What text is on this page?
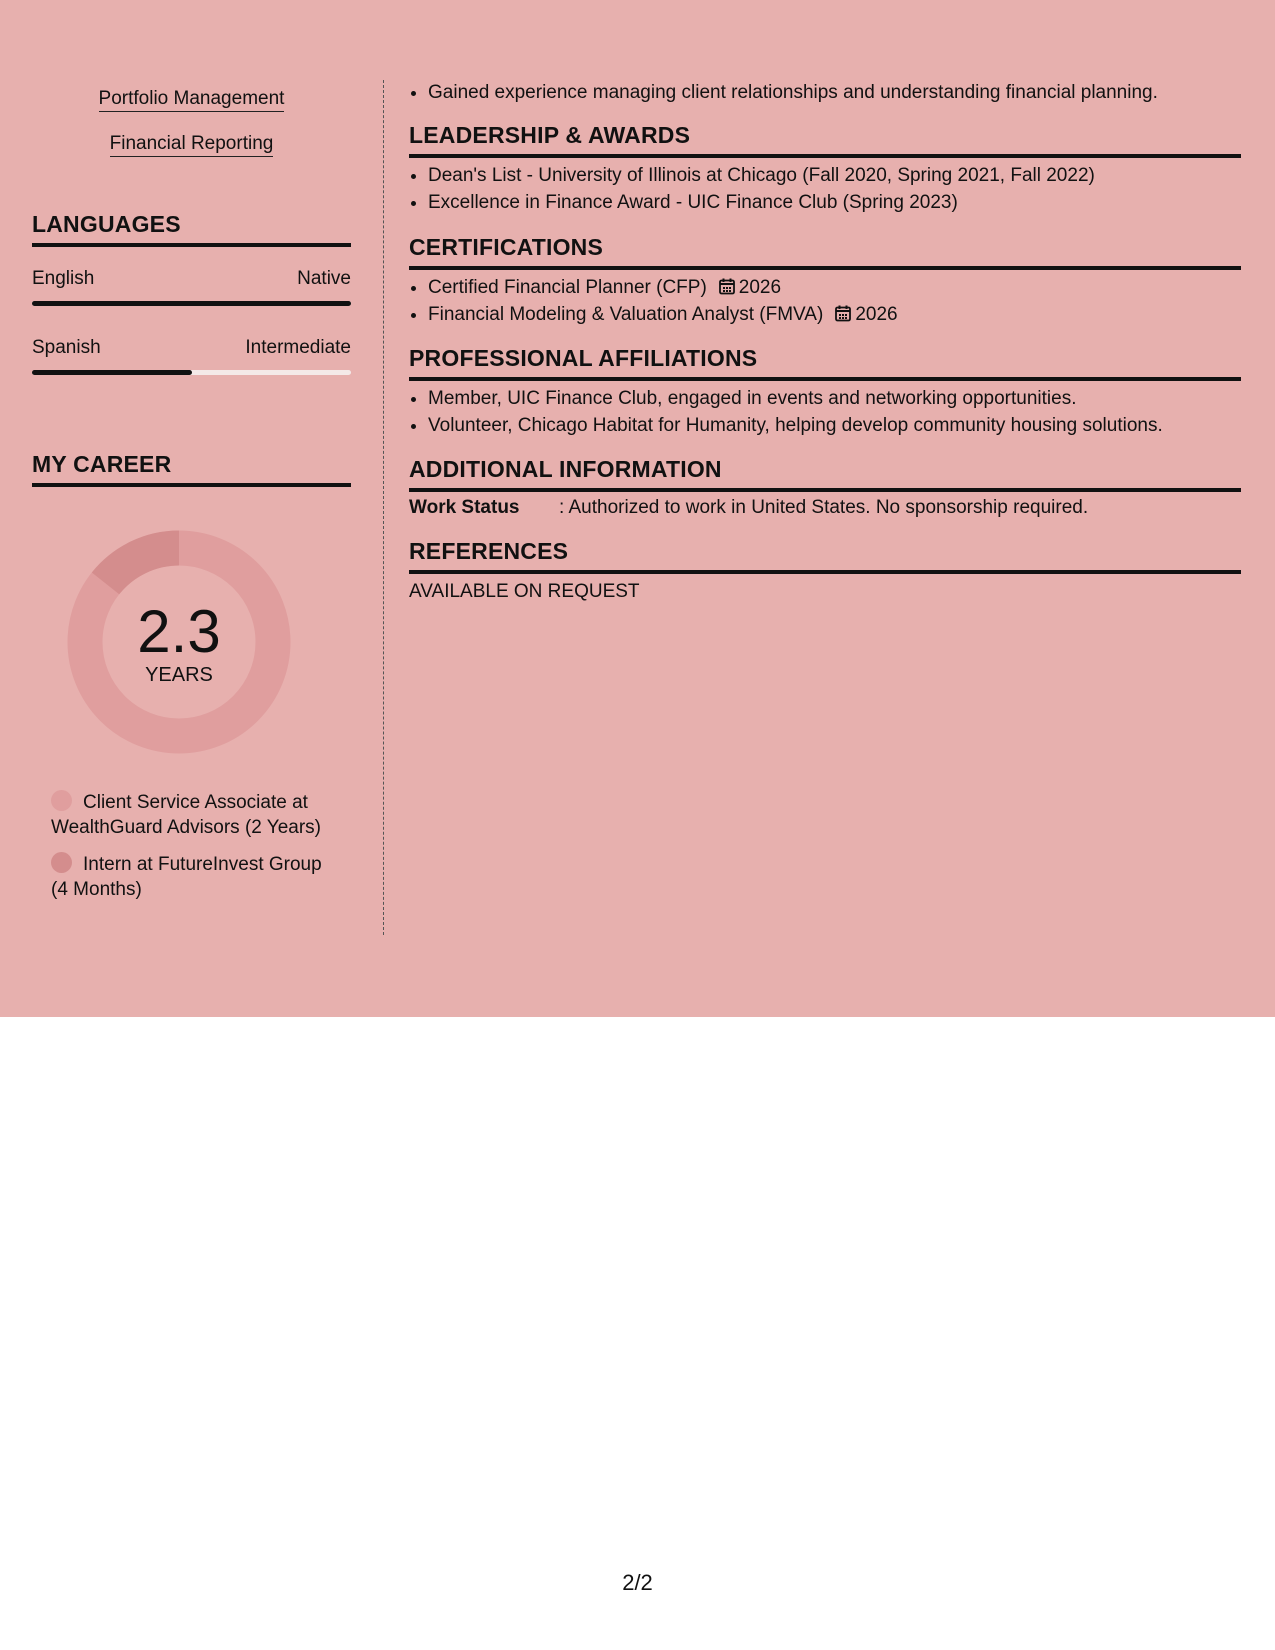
Portfolio Management
Financial Reporting
LANGUAGES
English	Native
Spanish	Intermediate
MY CAREER
2.3
YEARS
Client Service Associate at WealthGuard Advisors (2 Years)
Intern at FutureInvest Group (4 Months)
• Gained experience managing client relationships and understanding financial planning.
LEADERSHIP & AWARDS
• Dean's List - University of Illinois at Chicago (Fall 2020, Spring 2021, Fall 2022)
• Excellence in Finance Award - UIC Finance Club (Spring 2023)
CERTIFICATIONS
• Certified Financial Planner (CFP) 2026
• Financial Modeling & Valuation Analyst (FMVA) 2026
PROFESSIONAL AFFILIATIONS
• Member, UIC Finance Club, engaged in events and networking opportunities.
• Volunteer, Chicago Habitat for Humanity, helping develop community housing solutions.
ADDITIONAL INFORMATION
Work Status : Authorized to work in United States. No sponsorship required.
REFERENCES
AVAILABLE ON REQUEST
2/2
